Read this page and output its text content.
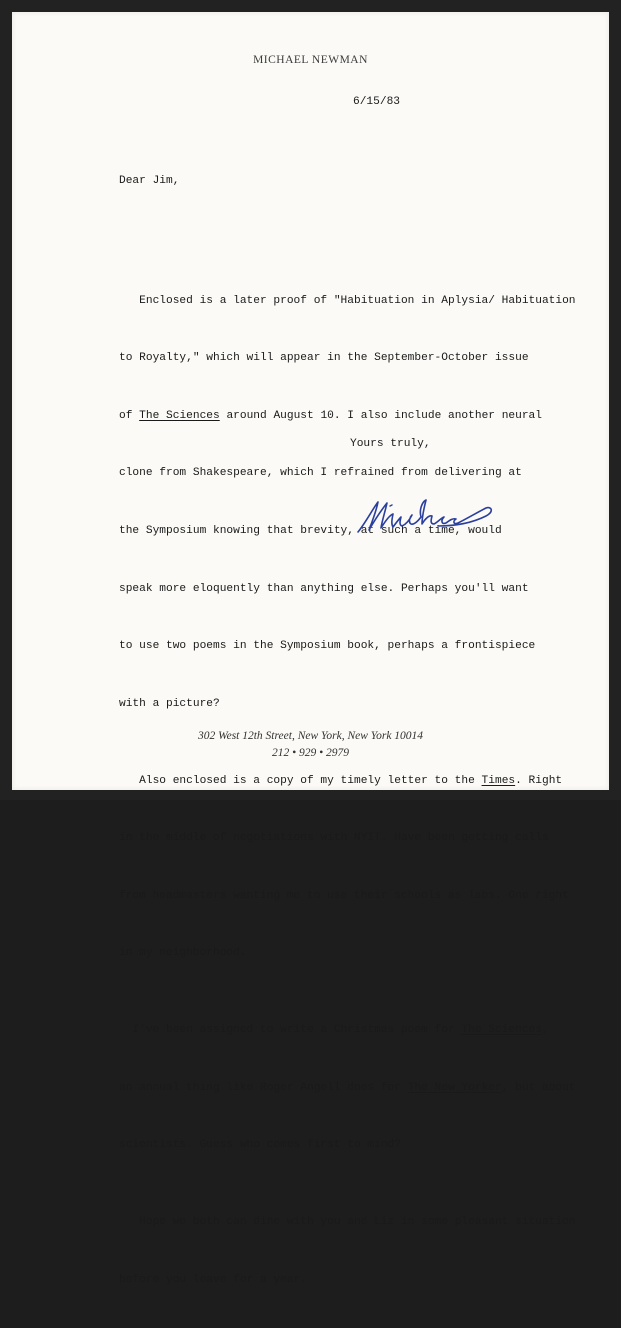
MICHAEL NEWMAN
6/15/83

Dear Jim,

Enclosed is a later proof of "Habituation in Aplysia/ Habituation

to Royalty," which will appear in the September-October issue

of The Sciences around August 10. I also include another neural

clone from Shakespeare, which I refrained from delivering at

the Symposium knowing that brevity, at such a time, would

speak more eloquently than anything else. Perhaps you'll want

to use two poems in the Symposium book, perhaps a frontispiece

with a picture?

Also enclosed is a copy of my timely letter to the Times. Right

in the middle of negotiations with NYIT. Have been getting calls

from headmasters wanting me to use their schools as labs. One right

in my neighborhood.

I've been assigned to write a Christmas poem for The Sciences,

an annual thing like Roger Angell does for The New Yorker, but about

scientists. Guess who comes first to mind?

Hope we both can dine with you and Liz in some pleasant situation

before you leave for a year.

Yours truly,
302 West 12th Street, New York, New York 10014
212 • 929 • 2979
